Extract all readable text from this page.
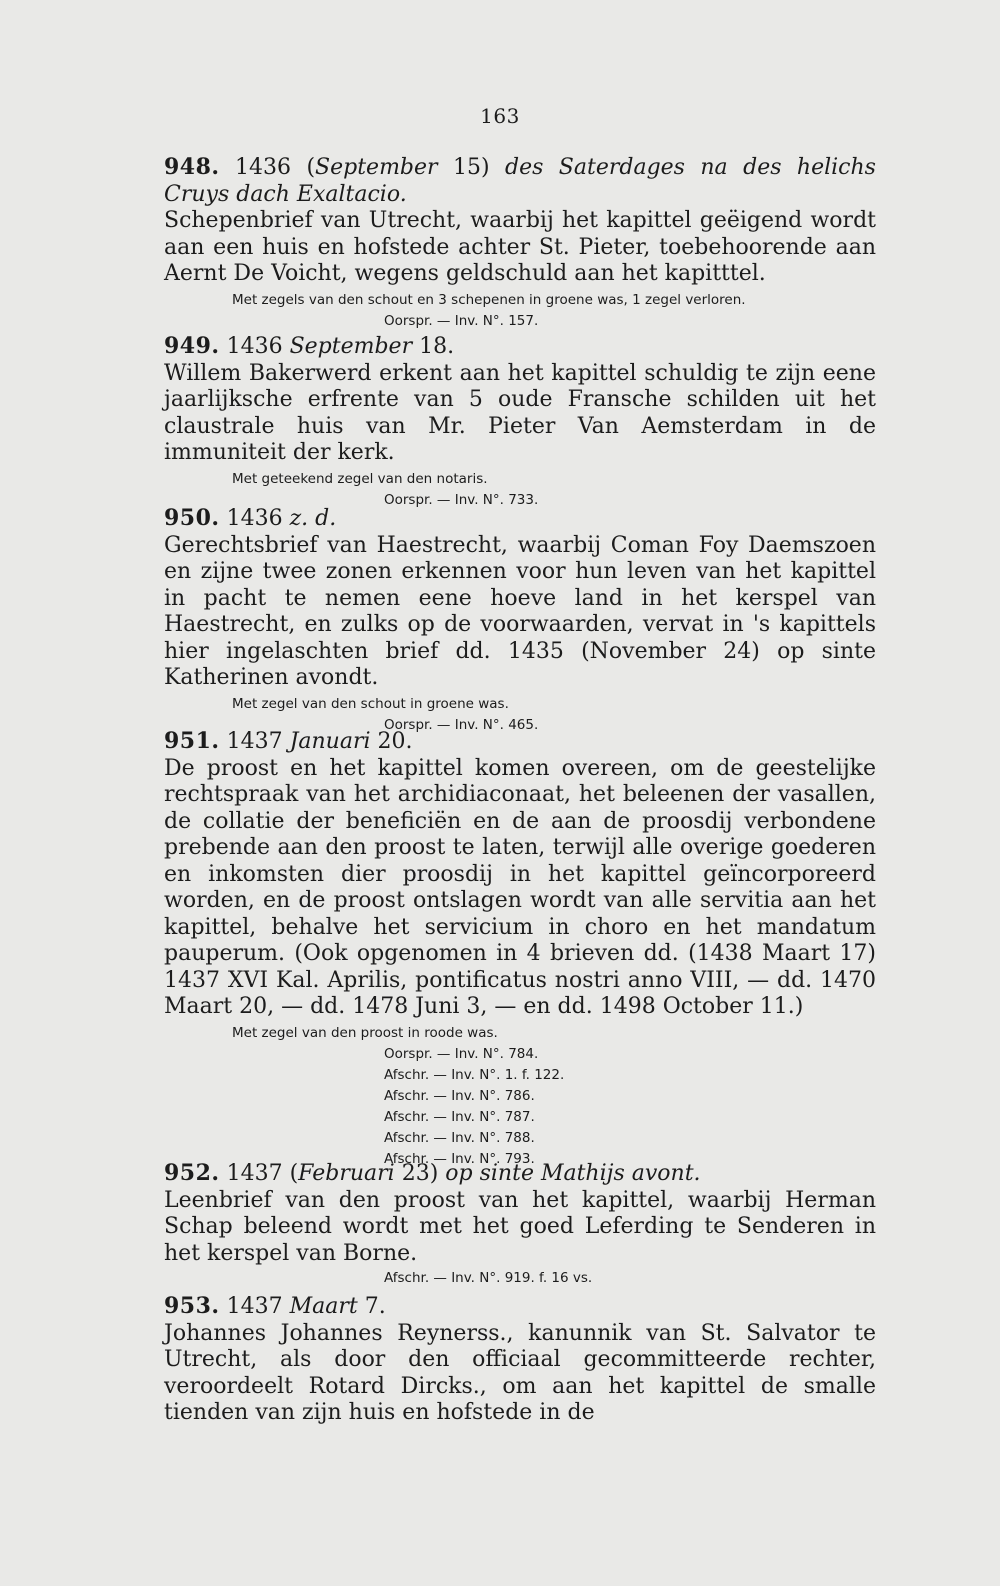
163
948. 1436 (September 15) des Saterdages na des helichs Cruys dach Exaltacio.

Schepenbrief van Utrecht, waarbij het kapittel geëigend wordt aan een huis en hofstede achter St. Pieter, toebehoorende aan Aernt De Voicht, wegens geldschuld aan het kapitttel.

Met zegels van den schout en 3 schepenen in groene was, 1 zegel verloren.
Oorspr. — Inv. N°. 157.
949. 1436 September 18.

Willem Bakerwerd erkent aan het kapittel schuldig te zijn eene jaarlijksche erfrente van 5 oude Fransche schilden uit het claustrale huis van Mr. Pieter Van Aemsterdam in de immuniteit der kerk.

Met geteekend zegel van den notaris.
Oorspr. — Inv. N°. 733.
950. 1436 z. d.

Gerechtsbrief van Haestrecht, waarbij Coman Foy Daemszoen en zijne twee zonen erkennen voor hun leven van het kapittel in pacht te nemen eene hoeve land in het kerspel van Haestrecht, en zulks op de voorwaarden, vervat in 's kapittels hier ingelaschten brief dd. 1435 (November 24) op sinte Katherinen avondt.

Met zegel van den schout in groene was.
Oorspr. — Inv. N°. 465.
951. 1437 Januari 20.

De proost en het kapittel komen overeen, om de geestelijke rechtspraak van het archidiaconaat, het beleenen der vasallen, de collatie der beneficiën en de aan de proosdij verbondene prebende aan den proost te laten, terwijl alle overige goederen en inkomsten dier proosdij in het kapittel geïncorporeerd worden, en de proost ontslagen wordt van alle servitia aan het kapittel, behalve het servicium in choro en het mandatum pauperum. (Ook opgenomen in 4 brieven dd. (1438 Maart 17) 1437 XVI Kal. Aprilis, pontificatus nostri anno VIII, — dd. 1470 Maart 20, — dd. 1478 Juni 3, — en dd. 1498 October 11.)

Met zegel van den proost in roode was.
Oorspr. — Inv. N°. 784.
Afschr. — Inv. N°. 1. f. 122.
Afschr. — Inv. N°. 786.
Afschr. — Inv. N°. 787.
Afschr. — Inv. N°. 788.
Afschr. — Inv. N°. 793.
952. 1437 (Februari 23) op sinte Mathijs avont.

Leenbrief van den proost van het kapittel, waarbij Herman Schap beleend wordt met het goed Leferding te Senderen in het kerspel van Borne.

Afschr. — Inv. N°. 919. f. 16 vs.
953. 1437 Maart 7.

Johannes Johannes Reynerss., kanunnik van St. Salvator te Utrecht, als door den officiaal gecommitteerde rechter, veroordeelt Rotard Dircks., om aan het kapittel de smalle tienden van zijn huis en hofstede in de
